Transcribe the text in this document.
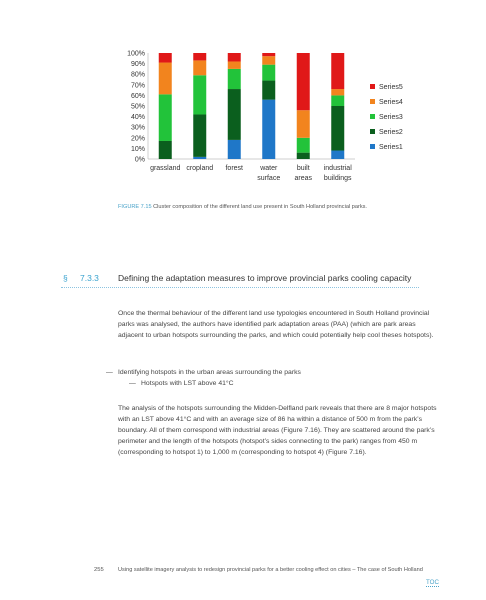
0%
10%
20%
30%
40%
50%
60%
70%
80%
90%
100%
grassland cropland forest water
surface
built
areas
industrial
buildings
Series5
Series4
Series3
Series2
Series1
FIGURE 7.15 Cluster composition of the different land use present in South Holland provincial parks.
§ 7.3.3 Defining the adaptation measures to improve provincial parks cooling capacity

Once the thermal behaviour of the different land use typologies encountered in South Holland provincial parks was analysed, the authors have identified park adaptation areas (PAA) (which are park areas adjacent to urban hotspots surrounding the parks, and which could potentially help cool theses hotspots).

— Identifying hotspots in the urban areas surrounding the parks
— Hotspots with LST above 41°C

The analysis of the hotspots surrounding the Midden-Delfland park reveals that there are 8 major hotspots with an LST above 41°C and with an average size of 86 ha within a distance of 500 m from the park’s boundary. All of them correspond with industrial areas (Figure 7.16). They are scattered around the park’s perimeter and the length of the hotspots (hotspot’s sides connecting to the park) ranges from 450 m (corresponding to hotspot 1) to 1,000 m (corresponding to hotspot 4) (Figure 7.16).

255	Using satellite imagery analysis to redesign provincial parks for a better cooling effect on cities – The case of South Holland
TOC
